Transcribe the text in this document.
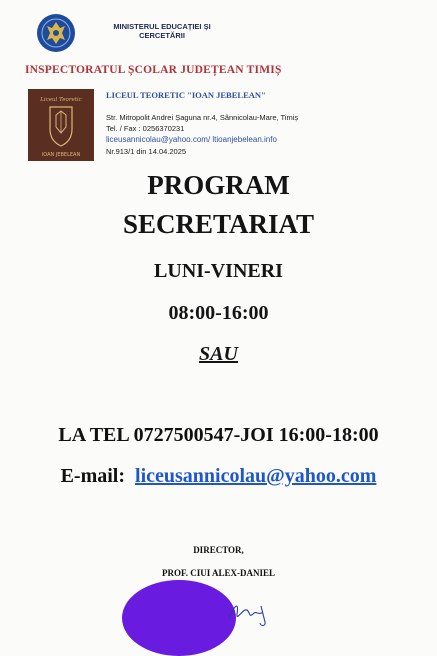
MINISTERUL EDUCAȚIEI ȘI
CERCETĂRII
INSPECTORATUL ȘCOLAR JUDEȚEAN TIMIȘ
Liceul Teoretic
IOAN JEBELEAN
LICEUL TEORETIC "IOAN JEBELEAN"
Str. Mitropolit Andrei Șaguna nr.4, Sânnicolau-Mare, Timiș
Tel. / Fax : 0256370231
liceusannicolau@yahoo.com/ ltioanjebelean.info
Nr.913/1 din 14.04.2025
PROGRAM
SECRETARIAT
LUNI-VINERI
08:00-16:00
SAU
LA TEL 0727500547-JOI 16:00-18:00
E-mail: liceusannicolau@yahoo.com
DIRECTOR,
PROF. CIUI ALEX-DANIEL
